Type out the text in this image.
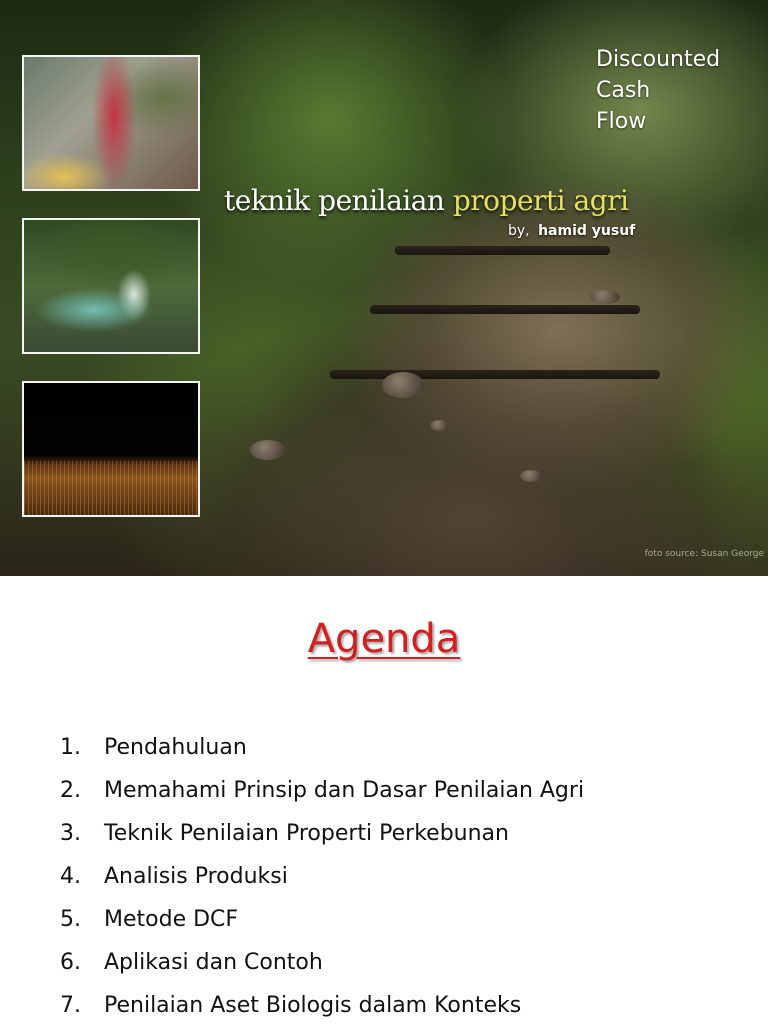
Discounted
Cash
Flow
teknik penilaian properti agri
by, hamid yusuf
foto source: Susan George
Agenda
1. Pendahuluan
2. Memahami Prinsip dan Dasar Penilaian Agri
3. Teknik Penilaian Properti Perkebunan
4. Analisis Produksi
5. Metode DCF
6. Aplikasi dan Contoh
7. Penilaian Aset Biologis dalam Konteks
